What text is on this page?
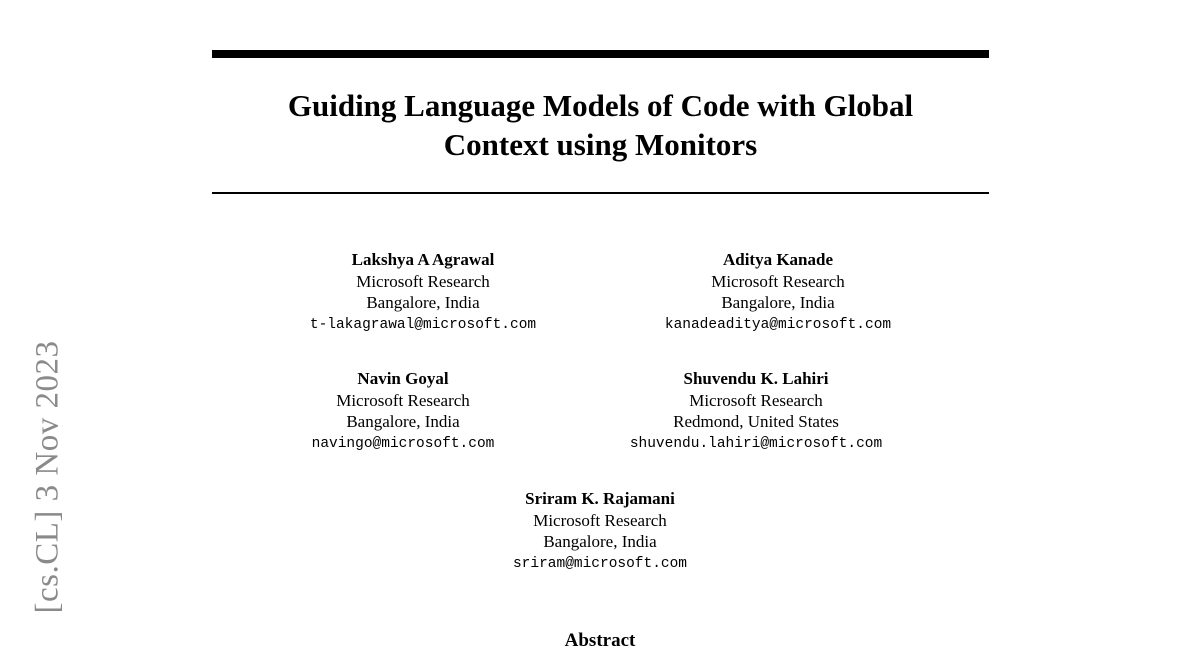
Guiding Language Models of Code with Global
Context using Monitors
Lakshya A Agrawal
Microsoft Research
Bangalore, India
t-lakagrawal@microsoft.com
Aditya Kanade
Microsoft Research
Bangalore, India
kanadeaditya@microsoft.com
Navin Goyal
Microsoft Research
Bangalore, India
navingo@microsoft.com
Shuvendu K. Lahiri
Microsoft Research
Redmond, United States
shuvendu.lahiri@microsoft.com
Sriram K. Rajamani
Microsoft Research
Bangalore, India
sriram@microsoft.com
[cs.CL] 3 Nov 2023
Abstract
